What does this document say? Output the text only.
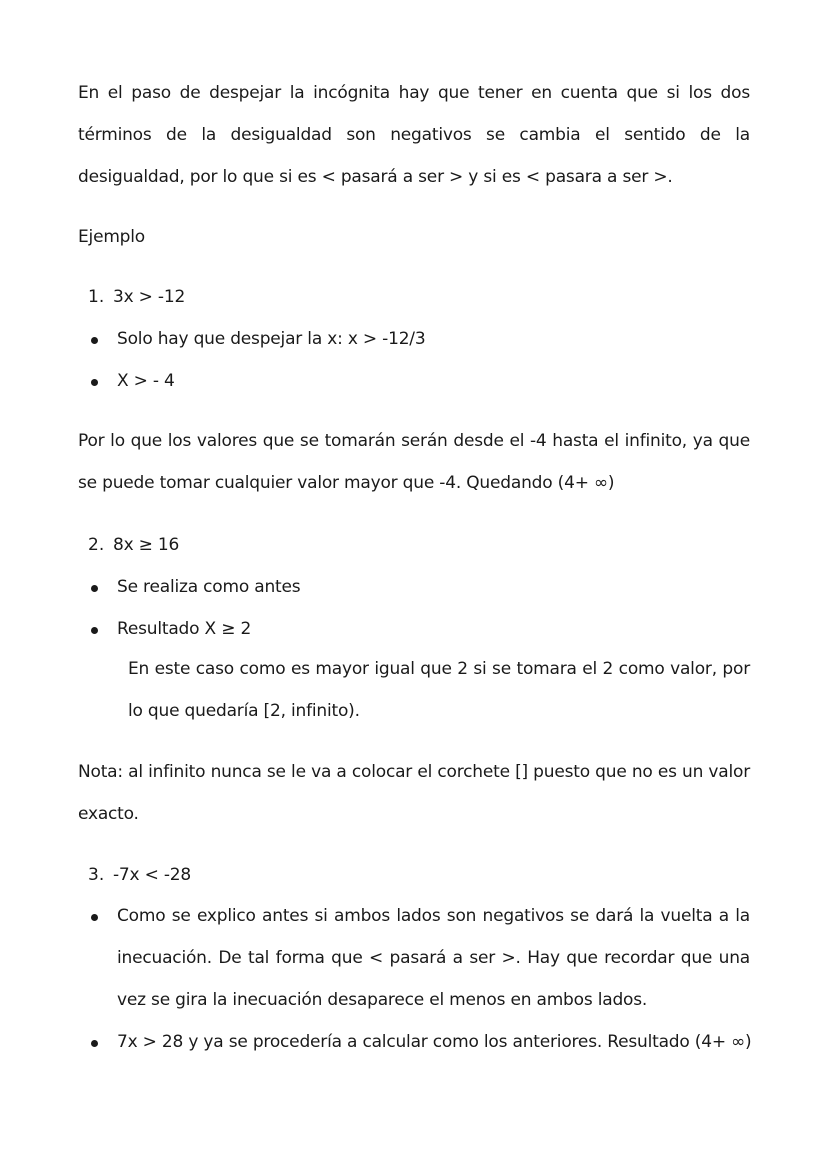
En el paso de despejar la incógnita hay que tener en cuenta que si los dos términos de la desigualdad son negativos se cambia el sentido de la desigualdad, por lo que si es < pasará a ser > y si es < pasara a ser >.

Ejemplo

1. 3x > -12

Solo hay que despejar la x: x > -12/3

X > - 4

Por lo que los valores que se tomarán serán desde el -4 hasta el infinito, ya que se puede tomar cualquier valor mayor que -4. Quedando (4+ ∞)

2. 8x ≥ 16

Se realiza como antes

Resultado X ≥ 2

En este caso como es mayor igual que 2 si se tomara el 2 como valor, por lo que quedaría [2, infinito).

Nota: al infinito nunca se le va a colocar el corchete [] puesto que no es un valor exacto.

3. -7x < -28

Como se explico antes si ambos lados son negativos se dará la vuelta a la inecuación. De tal forma que < pasará a ser >. Hay que recordar que una vez se gira la inecuación desaparece el menos en ambos lados.

7x > 28 y ya se procedería a calcular como los anteriores. Resultado (4+ ∞)
